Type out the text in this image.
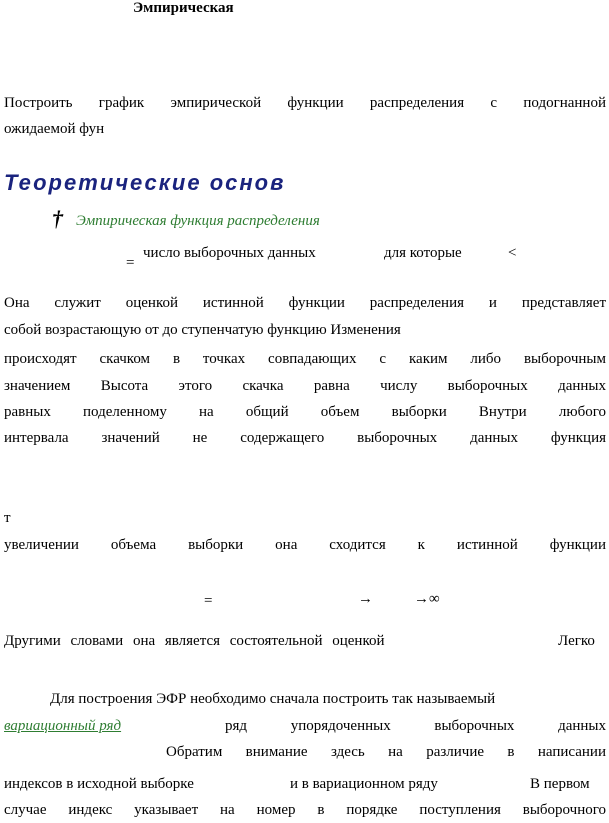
Эмпирическая
Построить график эмпирической функции распределения с подогнанной
ожидаемой фун
Теоретические основ
† Эмпирическая функция распределения
=
число выборочных данных	для которые	<
Она служит оценкой истинной функции распределения и представляет
собой возрастающую от до ступенчатую функцию Изменения
происходят скачком в точках совпадающих с каким либо выборочным
значением Высота этого скачка равна числу выборочных данных
равных поделенному на общий объем выборки Внутри любого
интервала значений не содержащего выборочных данных функция
т
увеличении объема выборки она сходится к истинной функции
=	→	→∞
Другими словами она является состоятельной оценкой	Легко
Для построения ЭФР необходимо сначала построить так называемый
вариационный ряд	ряд упорядоченных выборочных данных
Обратим внимание здесь на различие в написании
индексов в исходной выборке	и в вариационном ряду	В первом
случае индекс указывает на номер в порядке поступления выборочного
